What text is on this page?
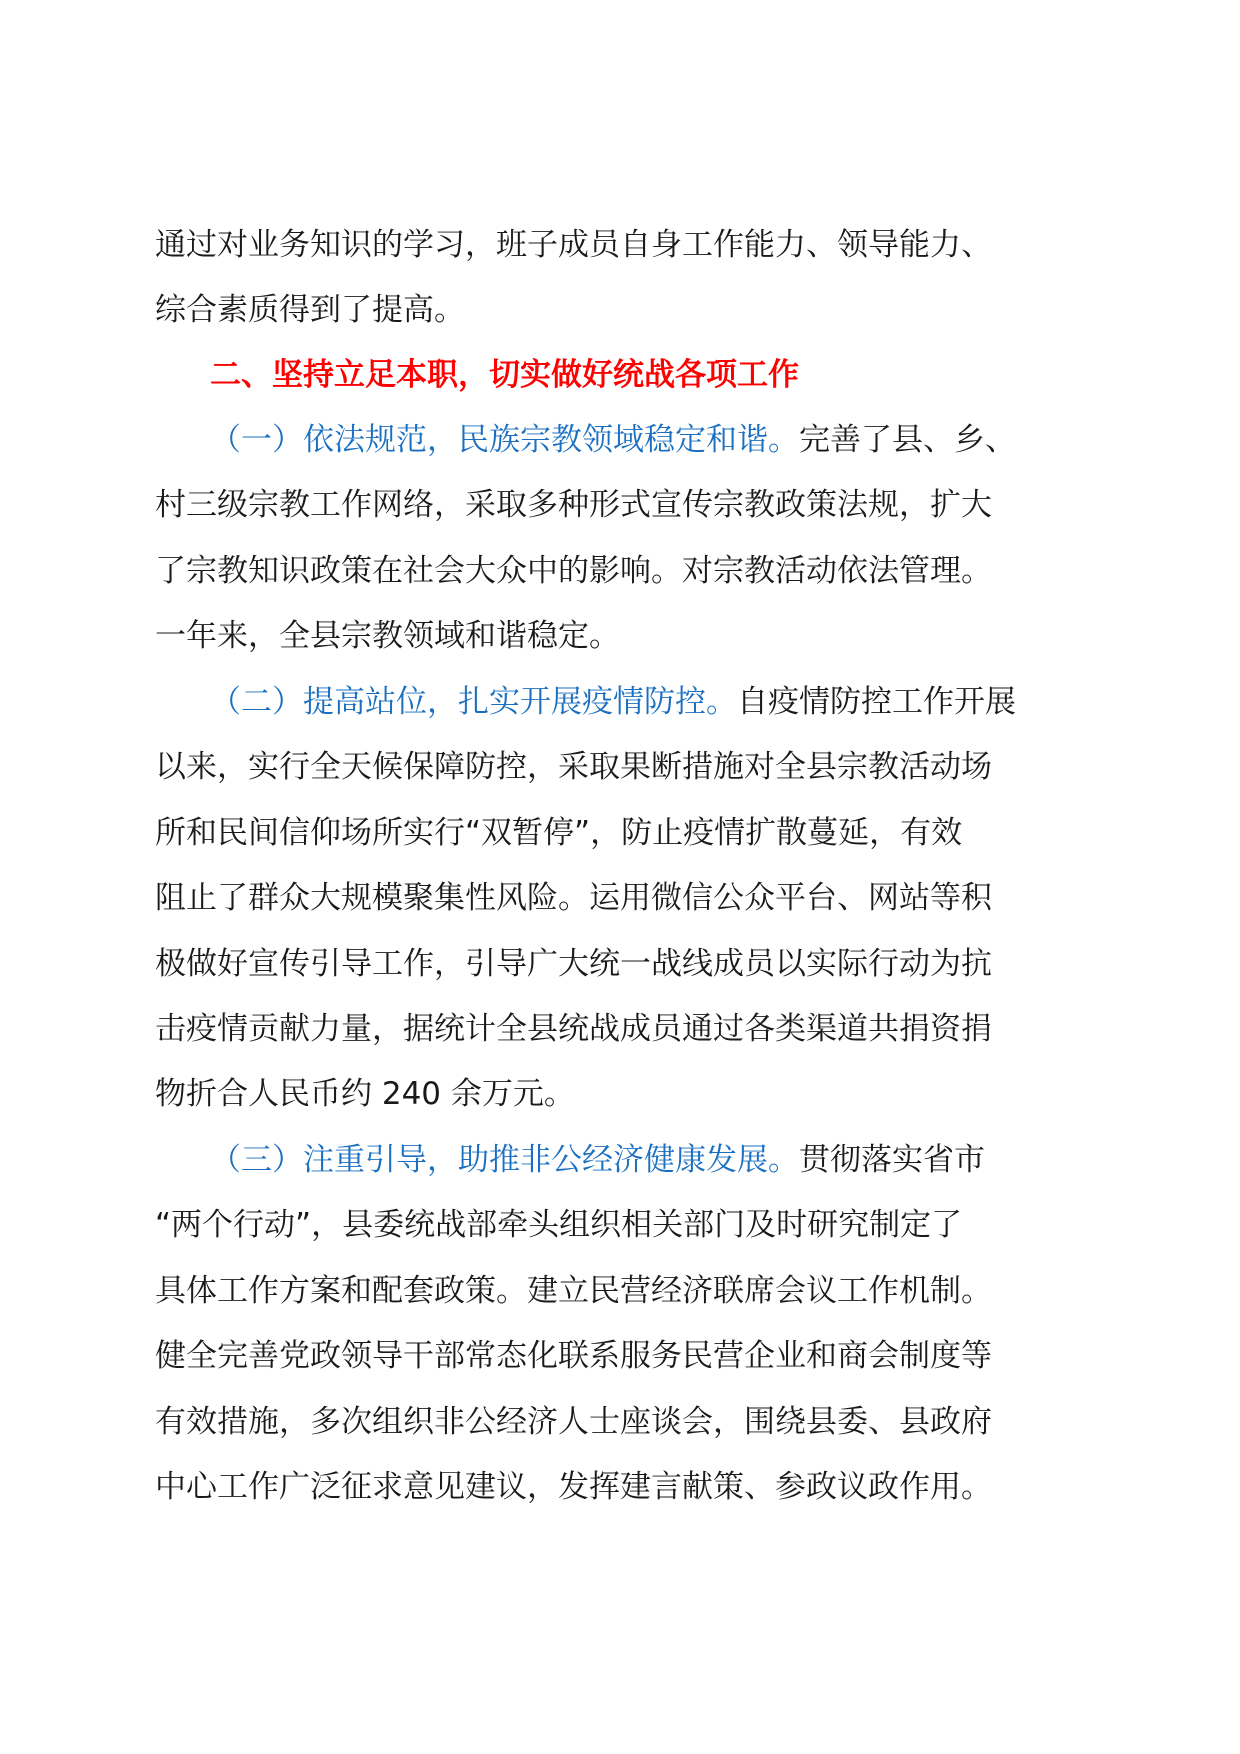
通过对业务知识的学习，班子成员自身工作能力、领导能力、
综合素质得到了提高。
二、坚持立足本职，切实做好统战各项工作
（一）依法规范，民族宗教领域稳定和谐。完善了县、乡、
村三级宗教工作网络，采取多种形式宣传宗教政策法规，扩大
了宗教知识政策在社会大众中的影响。对宗教活动依法管理。
一年来，全县宗教领域和谐稳定。
（二）提高站位，扎实开展疫情防控。自疫情防控工作开展
以来，实行全天候保障防控，采取果断措施对全县宗教活动场
所和民间信仰场所实行“双暂停”，防止疫情扩散蔓延，有效
阻止了群众大规模聚集性风险。运用微信公众平台、网站等积
极做好宣传引导工作，引导广大统一战线成员以实际行动为抗
击疫情贡献力量，据统计全县统战成员通过各类渠道共捐资捐
物折合人民币约 240 余万元。
（三）注重引导，助推非公经济健康发展。贯彻落实省市
“两个行动”，县委统战部牵头组织相关部门及时研究制定了
具体工作方案和配套政策。建立民营经济联席会议工作机制。
健全完善党政领导干部常态化联系服务民营企业和商会制度等
有效措施，多次组织非公经济人士座谈会，围绕县委、县政府
中心工作广泛征求意见建议，发挥建言献策、参政议政作用。
